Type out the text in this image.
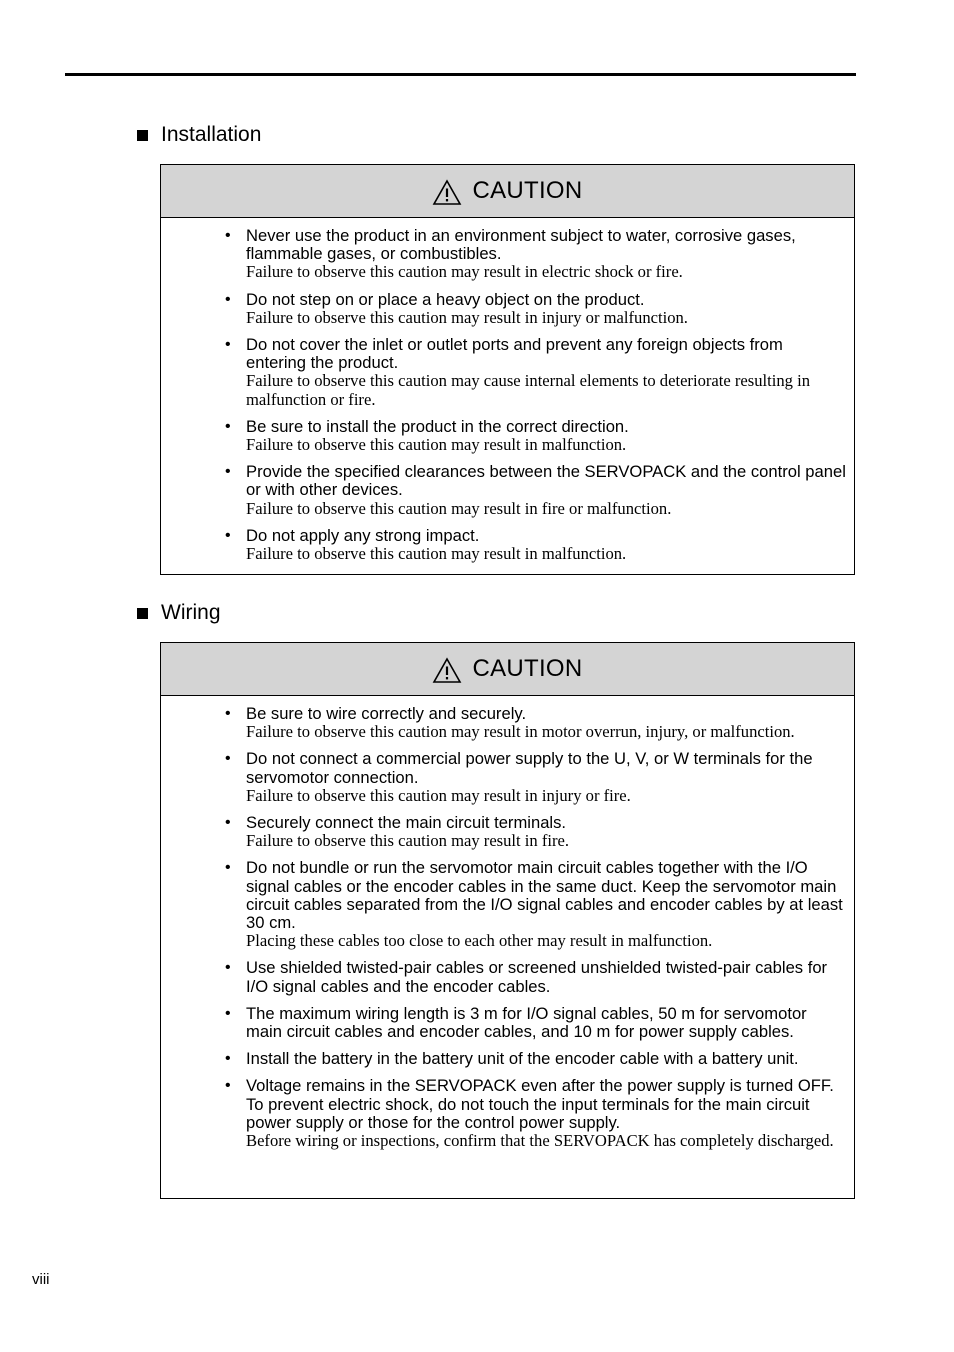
Installation
CAUTION
• Never use the product in an environment subject to water, corrosive gases, flammable gases, or combustibles.
Failure to observe this caution may result in electric shock or fire.
• Do not step on or place a heavy object on the product.
Failure to observe this caution may result in injury or malfunction.
• Do not cover the inlet or outlet ports and prevent any foreign objects from entering the product.
Failure to observe this caution may cause internal elements to deteriorate resulting in malfunction or fire.
• Be sure to install the product in the correct direction.
Failure to observe this caution may result in malfunction.
• Provide the specified clearances between the SERVOPACK and the control panel or with other devices.
Failure to observe this caution may result in fire or malfunction.
• Do not apply any strong impact.
Failure to observe this caution may result in malfunction.
Wiring
CAUTION
• Be sure to wire correctly and securely.
Failure to observe this caution may result in motor overrun, injury, or malfunction.
• Do not connect a commercial power supply to the U, V, or W terminals for the servomotor connection.
Failure to observe this caution may result in injury or fire.
• Securely connect the main circuit terminals.
Failure to observe this caution may result in fire.
• Do not bundle or run the servomotor main circuit cables together with the I/O signal cables or the encoder cables in the same duct. Keep the servomotor main circuit cables separated from the I/O signal cables and encoder cables by at least 30 cm.
Placing these cables too close to each other may result in malfunction.
• Use shielded twisted-pair cables or screened unshielded twisted-pair cables for I/O signal cables and the encoder cables.
• The maximum wiring length is 3 m for I/O signal cables, 50 m for servomotor main circuit cables and encoder cables, and 10 m for power supply cables.
• Install the battery in the battery unit of the encoder cable with a battery unit.
• Voltage remains in the SERVOPACK even after the power supply is turned OFF. To prevent electric shock, do not touch the input terminals for the main circuit power supply or those for the control power supply.
Before wiring or inspections, confirm that the SERVOPACK has completely discharged.
viii
